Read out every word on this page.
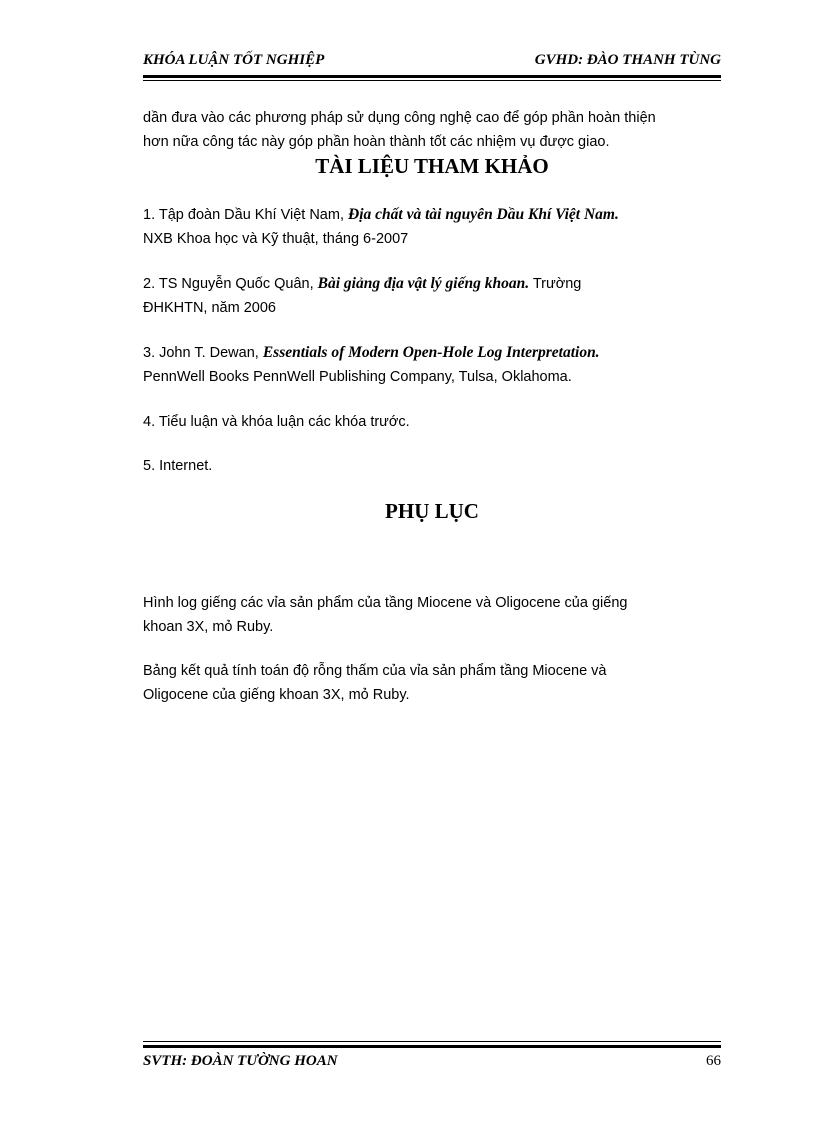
KHÓA LUẬN TỐT NGHIỆP	GVHD: ĐÀO THANH TÙNG
dần đưa vào các phương pháp sử dụng công nghệ cao để góp phần hoàn thiện
hơn nữa công tác này góp phần hoàn thành tốt các nhiệm vụ được giao.
TÀI LIỆU THAM KHẢO
1. Tập đoàn Dầu Khí Việt Nam, Địa chất và tài nguyên Dầu Khí Việt Nam.
NXB Khoa học và Kỹ thuật, tháng 6-2007
2. TS Nguyễn Quốc Quân, Bài giảng địa vật lý giếng khoan. Trường
ĐHKHTN, năm 2006
3. John T. Dewan, Essentials of Modern Open-Hole Log Interpretation.
PennWell Books PennWell Publishing Company, Tulsa, Oklahoma.
4. Tiểu luận và khóa luận các khóa trước.
5. Internet.
PHỤ LỤC
Hình log giếng các vỉa sản phẩm của tầng Miocene và Oligocene của giếng
khoan 3X, mỏ Ruby.
Bảng kết quả tính toán độ rỗng thấm của vỉa sản phẩm tầng Miocene và
Oligocene của giếng khoan 3X, mỏ Ruby.
SVTH: ĐOÀN TƯỜNG HOAN	66
